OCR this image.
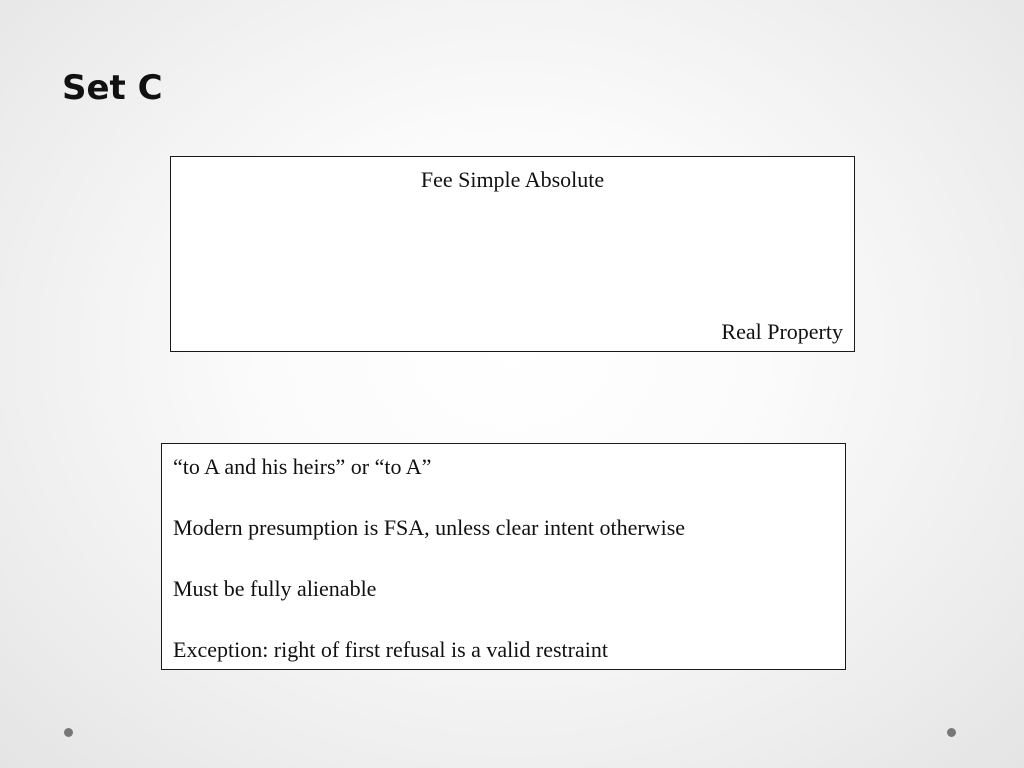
Set C
Fee Simple Absolute
Real Property
“to A and his heirs” or “to A”
Modern presumption is FSA, unless clear intent otherwise
Must be fully alienable
Exception: right of first refusal is a valid restraint
